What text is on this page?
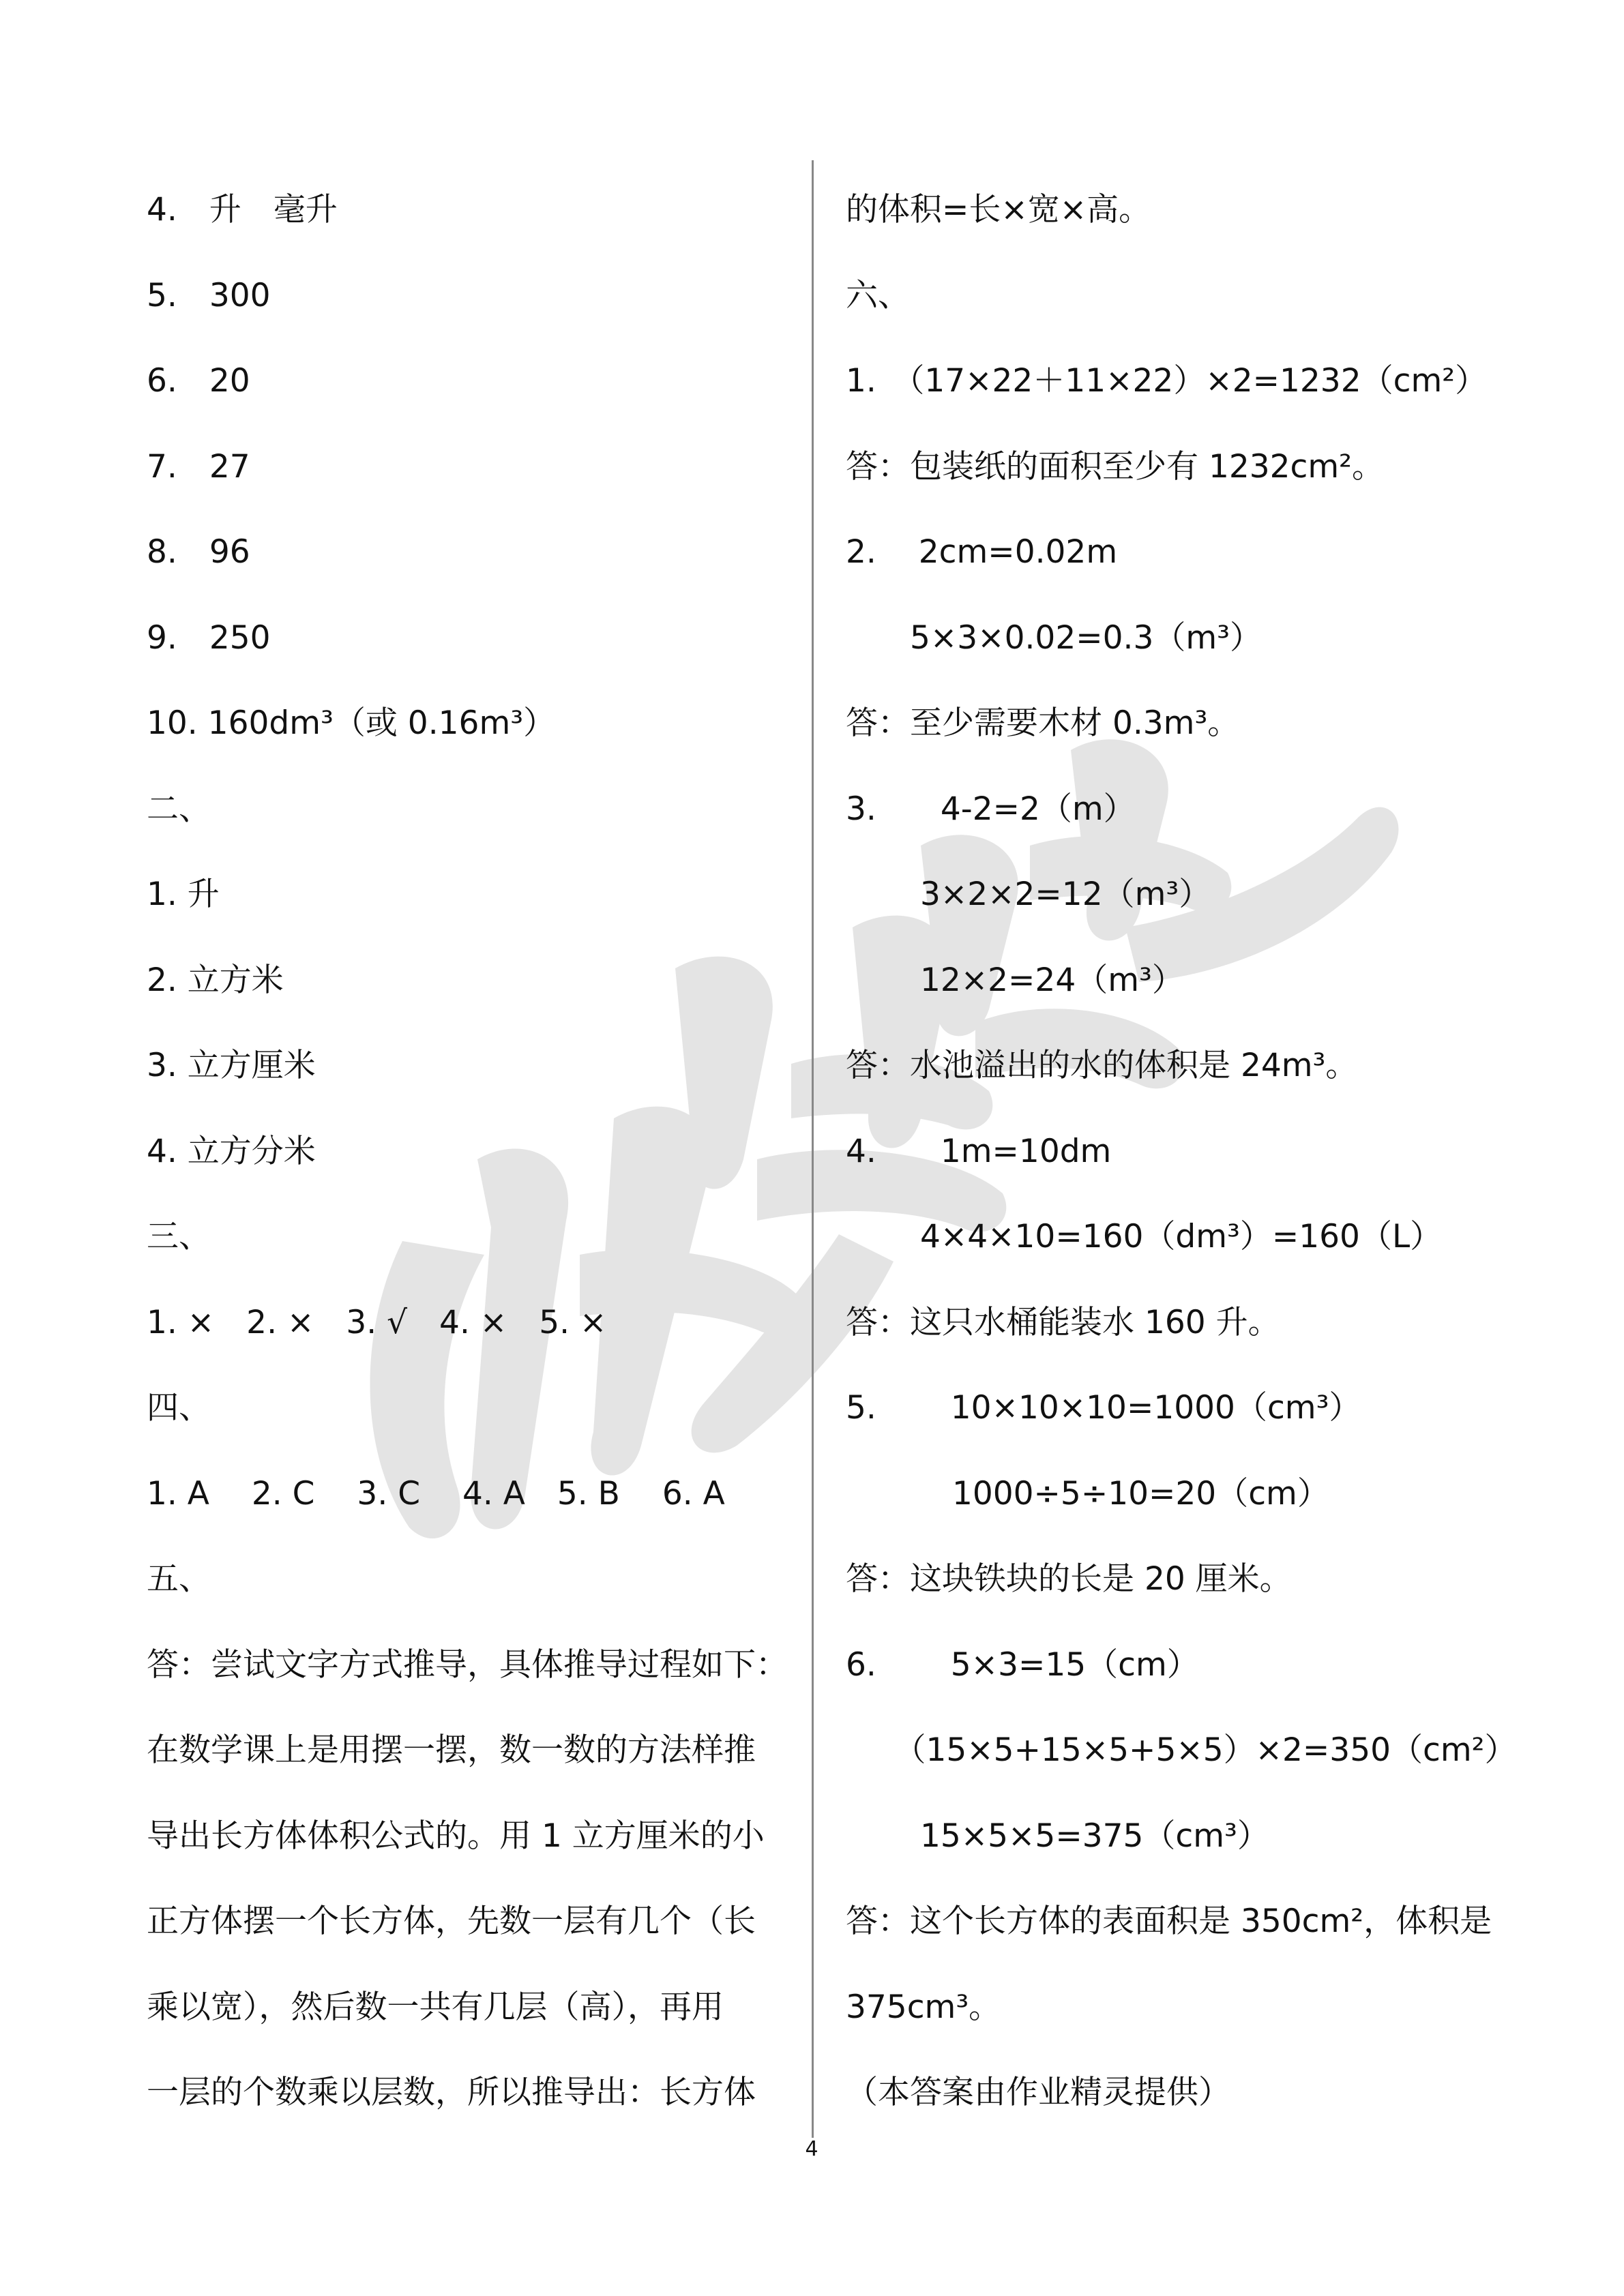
4.　升　毫升
5.　300
6.　20
7.　27
8.　96
9.　250
10. 160dm³（或 0.16m³）
二、
1. 升
2. 立方米
3. 立方厘米
4. 立方分米
三、
1. ×　2. ×　3. √　4. ×　5. ×
四、
1. A　 2. C　 3. C　 4. A　5. B　 6. A
五、
答：尝试文字方式推导，具体推导过程如下：
在数学课上是用摆一摆，数一数的方法样推
导出长方体体积公式的。用 1 立方厘米的小
正方体摆一个长方体，先数一层有几个（长
乘以宽），然后数一共有几层（高），再用
一层的个数乘以层数，所以推导出：长方体
的体积=长×宽×高。
六、
1.　（17×22＋11×22）×2=1232（cm²）
答：包装纸的面积至少有 1232cm²。
2.　 2cm=0.02m
　　5×3×0.02=0.3（m³）
答：至少需要木材 0.3m³。
3.　　4-2=2（m）
　　 3×2×2=12（m³）
　　 12×2=24（m³）
答：水池溢出的水的体积是 24m³。
4.　　1m=10dm
　　 4×4×10=160（dm³）=160（L）
答：这只水桶能装水 160 升。
5.　　 10×10×10=1000（cm³）
　　　 1000÷5÷10=20（cm）
答：这块铁块的长是 20 厘米。
6.　　 5×3=15（cm）
　　（15×5+15×5+5×5）×2=350（cm²）
　　 15×5×5=375（cm³）
答：这个长方体的表面积是 350cm²，体积是
375cm³。
（本答案由作业精灵提供）
4
